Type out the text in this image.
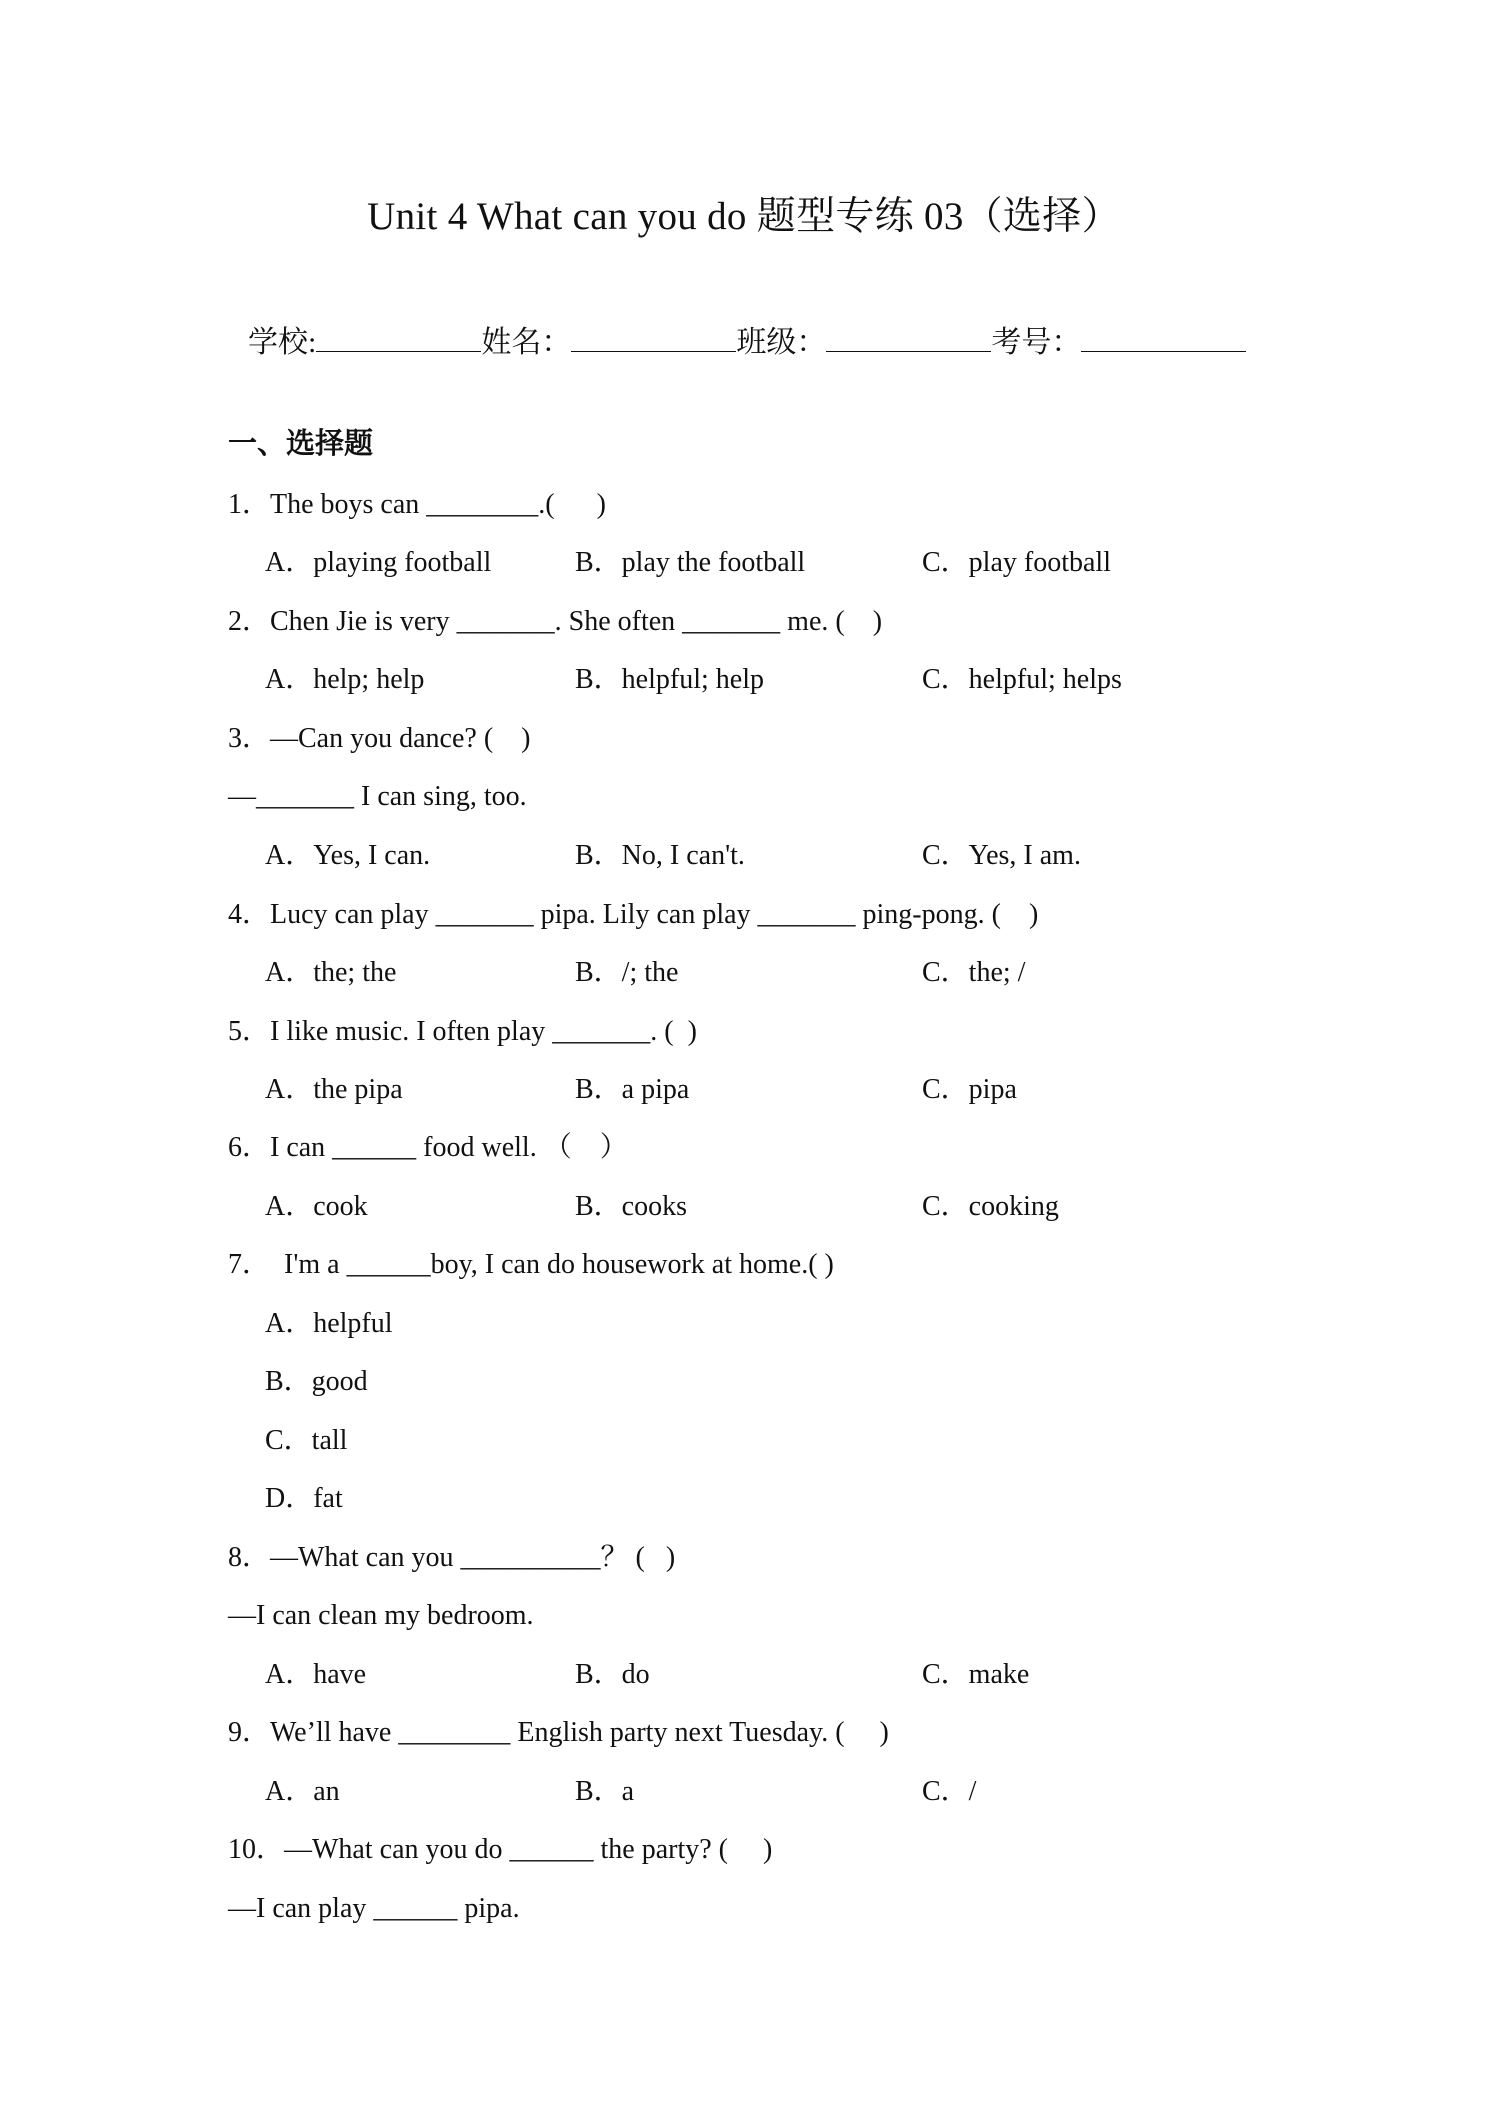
Unit 4 What can you do 题型专练 03（选择）
学校:	姓名：	班级：	考号：
一、选择题
1．The boys can ________.(      )
A．playing football	B．play the football	C．play football
2．Chen Jie is very _______. She often _______ me. (    )
A．help; help	B．helpful; help	C．helpful; helps
3．—Can you dance? (    )
—_______ I can sing, too.
A．Yes, I can.	B．No, I can't.	C．Yes, I am.
4．Lucy can play _______ pipa. Lily can play _______ ping-pong. (    )
A．the; the	B．/; the	C．the; /
5．I like music. I often play _______. (  )
A．the pipa	B．a pipa	C．pipa
6．I can ______ food well. （    ）
A．cook	B．cooks	C．cooking
7．  I'm a ______boy, I can do housework at home.( )
A．helpful
B．good
C．tall
D．fat
8．—What can you __________？ (   )
—I can clean my bedroom.
A．have	B．do	C．make
9．We’ll have ________ English party next Tuesday. (     )
A．an	B．a	C．/
10．—What can you do ______ the party? (     )
—I can play ______ pipa.
